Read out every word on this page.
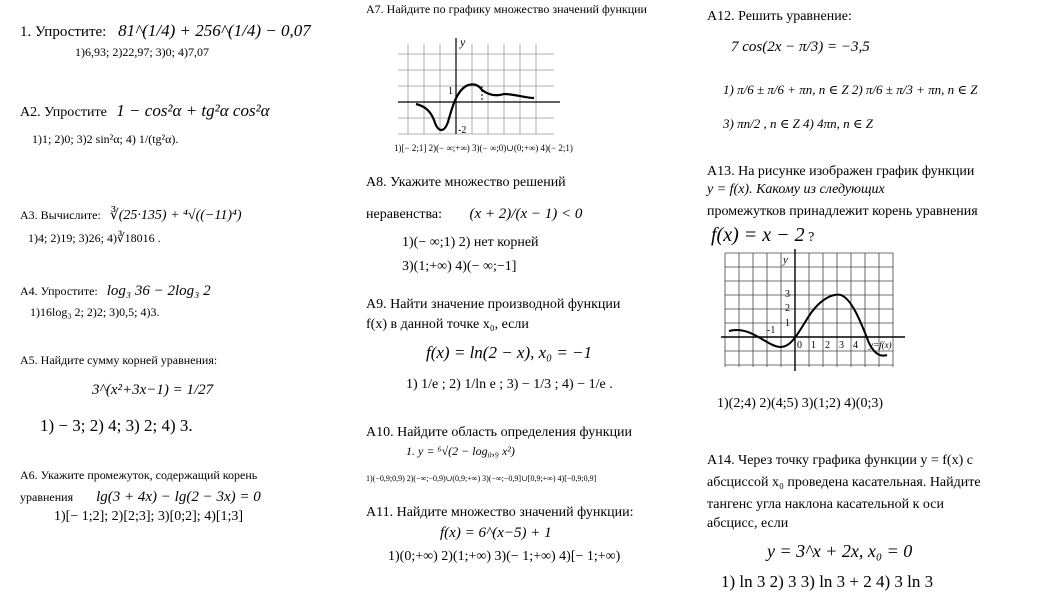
1. Упростите: 81^(1/4) + 256^(1/4) − 0,07
1)6,93; 2)22,97; 3)0; 4)7,07
А2. Упростите 1 − cos²α + tg²α cos²α
1)1; 2)0; 3)2 sin²α; 4) 1/(tg²α).
А3. Вычислите: ∛(25·135) + ⁴√((−11)⁴)
1)4; 2)19; 3)26; 4)∛18016 .
А4. Упростите: log₃ 36 − 2log₃ 2
1)16log₃ 2; 2)2; 3)0,5; 4)3.
А5. Найдите сумму корней уравнения:
3^(x²+3x−1) = 1/27
1) − 3; 2) 4; 3) 2; 4) 3.
А6. Укажите промежуток, содержащий корень
уравнения lg(3 + 4x) − lg(2 − 3x) = 0
1)[− 1;2]; 2)[2;3]; 3)[0;2]; 4)[1;3]
А7. Найдите по графику множество значений функции
y
1
-2
1)[− 2;1] 2)(− ∞;+∞) 3)(− ∞;0)∪(0;+∞) 4)(− 2;1)
А8. Укажите множество решений
неравенства: (x + 2)/(x − 1) < 0
1)(− ∞;1) 2) нет корней
3)(1;+∞) 4)(− ∞;−1]
А9. Найти значение производной функции
f(x) в данной точке x₀, если
f(x) = ln(2 − x), x₀ = −1
1) 1/e ; 2) 1/ln e ; 3) − 1/3 ; 4) − 1/e .
А10. Найдите область определения функции
1. y = ⁶√(2 − log₀,₉ x²)
1)(−0,9;0,9) 2)(−∞;−0,9)∪(0,9;+∞) 3)(−∞;−0,9]∪[0,9;+∞) 4)[−0,9;0,9]
А11. Найдите множество значений функции:
f(x) = 6^(x−5) + 1
1)(0;+∞) 2)(1;+∞) 3)(− 1;+∞) 4)[− 1;+∞)
А12. Решить уравнение:
7 cos(2x − π/3) = −3,5
1) π/6 ± π/6 + πn, n ∈ Z 2) π/6 ± π/3 + πn, n ∈ Z
3) πn/2 , n ∈ Z 4) 4πn, n ∈ Z
А13. На рисунке изображен график функции
y = f(x). Какому из следующих
промежутков принадлежит корень уравнения
f(x) = x − 2 ?
y
3
2
1
-1
0 1 2 3 4 y=f(x)
1)(2;4) 2)(4;5) 3)(1;2) 4)(0;3)
А14. Через точку графика функции y = f(x) с
абсциссой x₀ проведена касательная. Найдите
тангенс угла наклона касательной к оси
абсцисс, если
y = 3^x + 2x, x₀ = 0
1) ln 3 2) 3 3) ln 3 + 2 4) 3 ln 3
